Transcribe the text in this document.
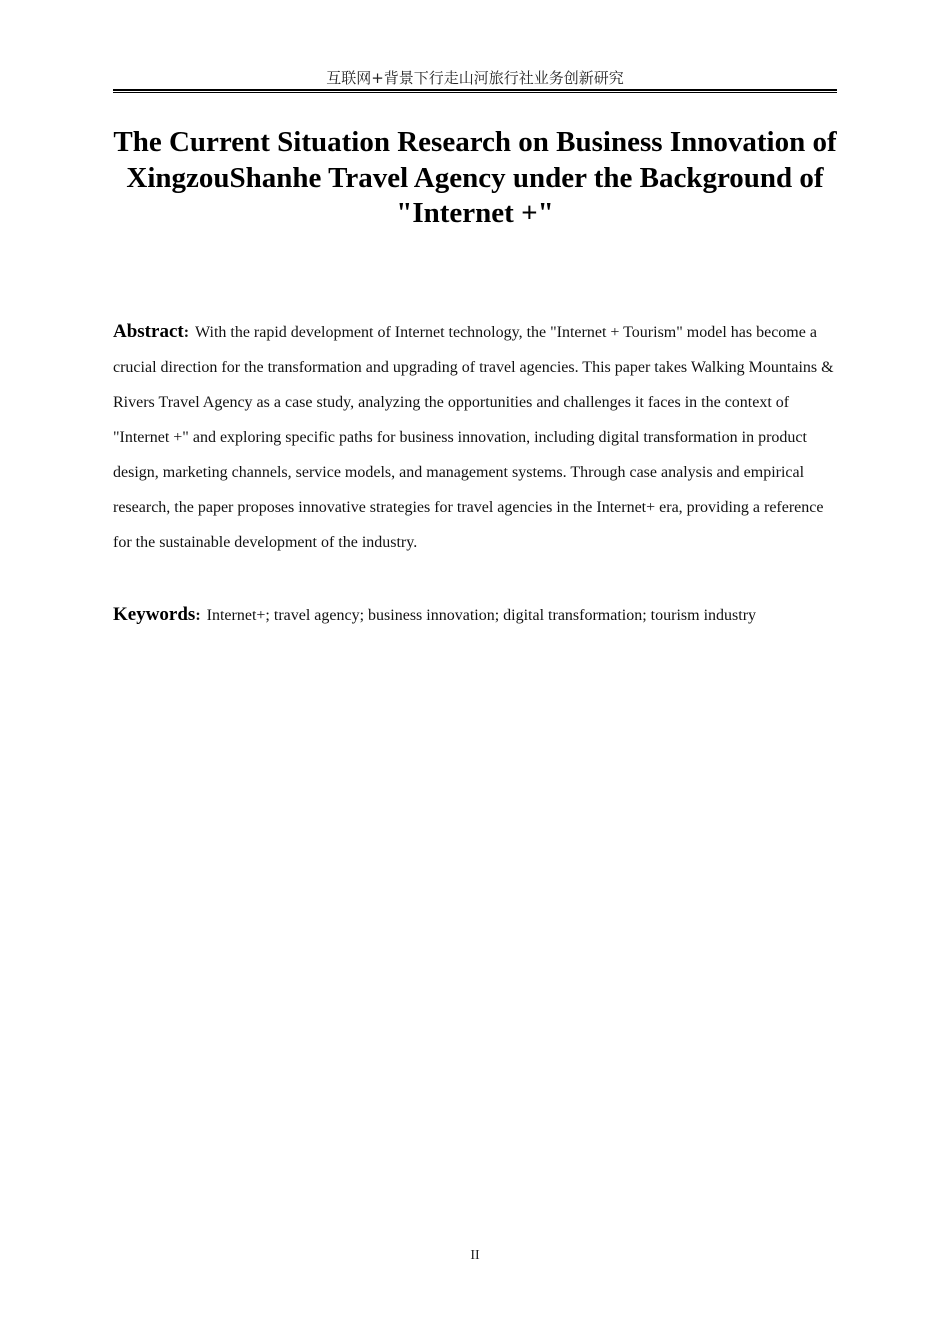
互联网+背景下行走山河旅行社业务创新研究
The Current Situation Research on Business Innovation of
XingzouShanhe Travel Agency under the Background of
"Internet +"

Abstract: With the rapid development of Internet technology, the "Internet + Tourism" model has become a crucial direction for the transformation and upgrading of travel agencies. This paper takes Walking Mountains & Rivers Travel Agency as a case study, analyzing the opportunities and challenges it faces in the context of "Internet +" and exploring specific paths for business innovation, including digital transformation in product design, marketing channels, service models, and management systems. Through case analysis and empirical research, the paper proposes innovative strategies for travel agencies in the Internet+ era, providing a reference for the sustainable development of the industry.

Keywords: Internet+; travel agency; business innovation; digital transformation; tourism industry

II
